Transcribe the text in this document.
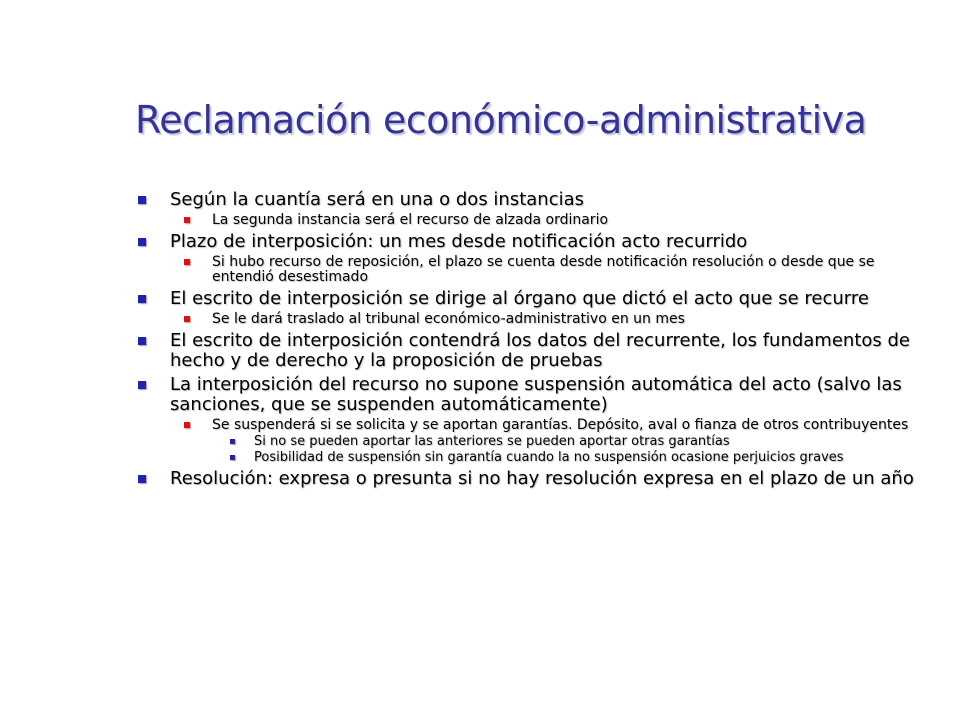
Reclamación económico-administrativa
Según la cuantía será en una o dos instancias
La segunda instancia será el recurso de alzada ordinario
Plazo de interposición: un mes desde notificación acto recurrido
Si hubo recurso de reposición, el plazo se cuenta desde notificación resolución o desde que se entendió desestimado
El escrito de interposición se dirige al órgano que dictó el acto que se recurre
Se le dará traslado al tribunal económico-administrativo en un mes
El escrito de interposición contendrá los datos del recurrente, los fundamentos de hecho y de derecho y la proposición de pruebas
La interposición del recurso no supone suspensión automática del acto (salvo las sanciones, que se suspenden automáticamente)
Se suspenderá si se solicita y se aportan garantías. Depósito, aval o fianza de otros contribuyentes
Si no se pueden aportar las anteriores se pueden aportar otras garantías
Posibilidad de suspensión sin garantía cuando la no suspensión ocasione perjuicios graves
Resolución: expresa o presunta si no hay resolución expresa en el plazo de un año
